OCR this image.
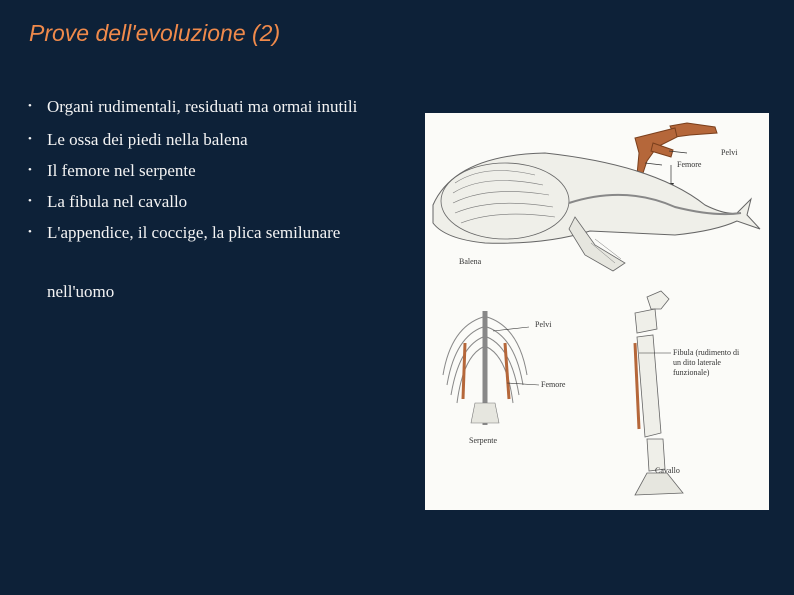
Prove dell'evoluzione (2)
• Organi rudimentali, residuati ma ormai inutili
• Le ossa dei piedi nella balena
• Il femore nel serpente
• La fibula nel cavallo
• L'appendice, il coccige, la plica semilunare
nell'uomo
Pelvi
Femore
Balena
Pelvi
Femore
Serpente
Fibula (rudimento di
un dito laterale
funzionale)
Cavallo
